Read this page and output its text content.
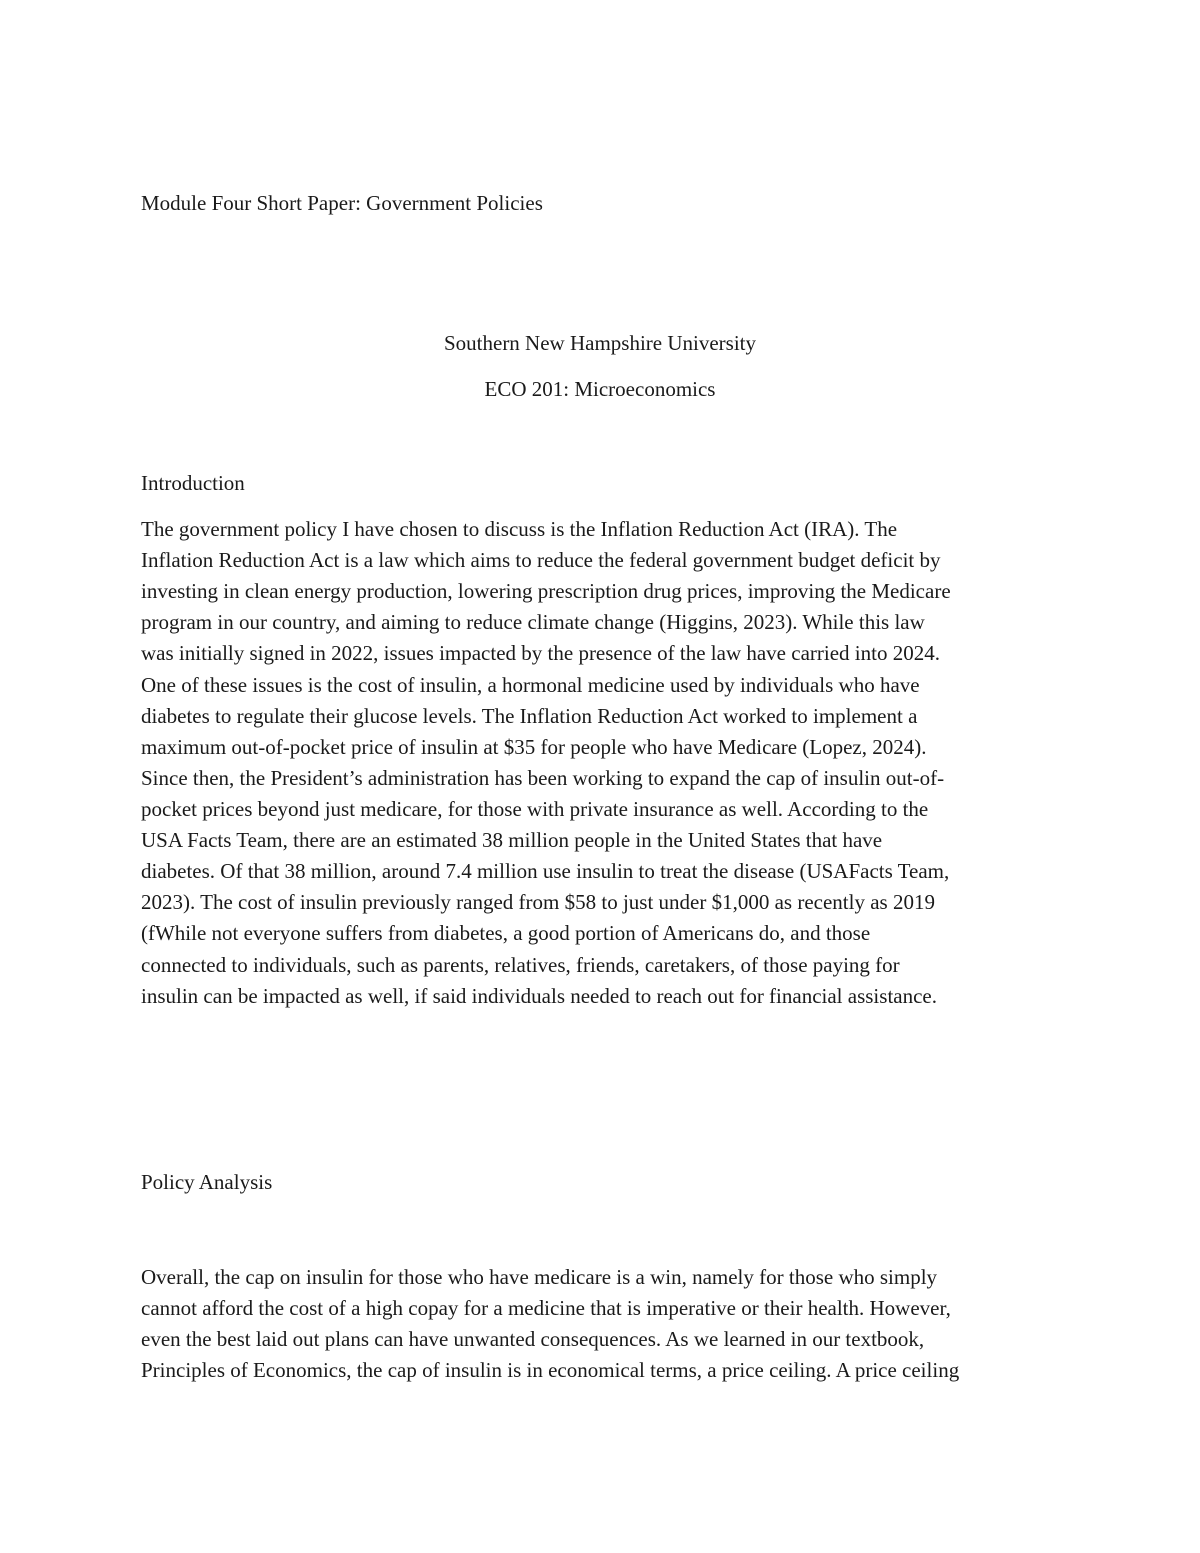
Module Four Short Paper: Government Policies
Southern New Hampshire University
ECO 201: Microeconomics
Introduction
The government policy I have chosen to discuss is the Inflation Reduction Act (IRA). The
Inflation Reduction Act is a law which aims to reduce the federal government budget deficit by
investing in clean energy production, lowering prescription drug prices, improving the Medicare
program in our country, and aiming to reduce climate change (Higgins, 2023). While this law
was initially signed in 2022, issues impacted by the presence of the law have carried into 2024.
One of these issues is the cost of insulin, a hormonal medicine used by individuals who have
diabetes to regulate their glucose levels. The Inflation Reduction Act worked to implement a
maximum out-of-pocket price of insulin at $35 for people who have Medicare (Lopez, 2024).
Since then, the President’s administration has been working to expand the cap of insulin out-of-
pocket prices beyond just medicare, for those with private insurance as well. According to the
USA Facts Team, there are an estimated 38 million people in the United States that have
diabetes. Of that 38 million, around 7.4 million use insulin to treat the disease (USAFacts Team,
2023). The cost of insulin previously ranged from $58 to just under $1,000 as recently as 2019
(fWhile not everyone suffers from diabetes, a good portion of Americans do, and those
connected to individuals, such as parents, relatives, friends, caretakers, of those paying for
insulin can be impacted as well, if said individuals needed to reach out for financial assistance.
Policy Analysis
Overall, the cap on insulin for those who have medicare is a win, namely for those who simply
cannot afford the cost of a high copay for a medicine that is imperative or their health. However,
even the best laid out plans can have unwanted consequences. As we learned in our textbook,
Principles of Economics, the cap of insulin is in economical terms, a price ceiling. A price ceiling
